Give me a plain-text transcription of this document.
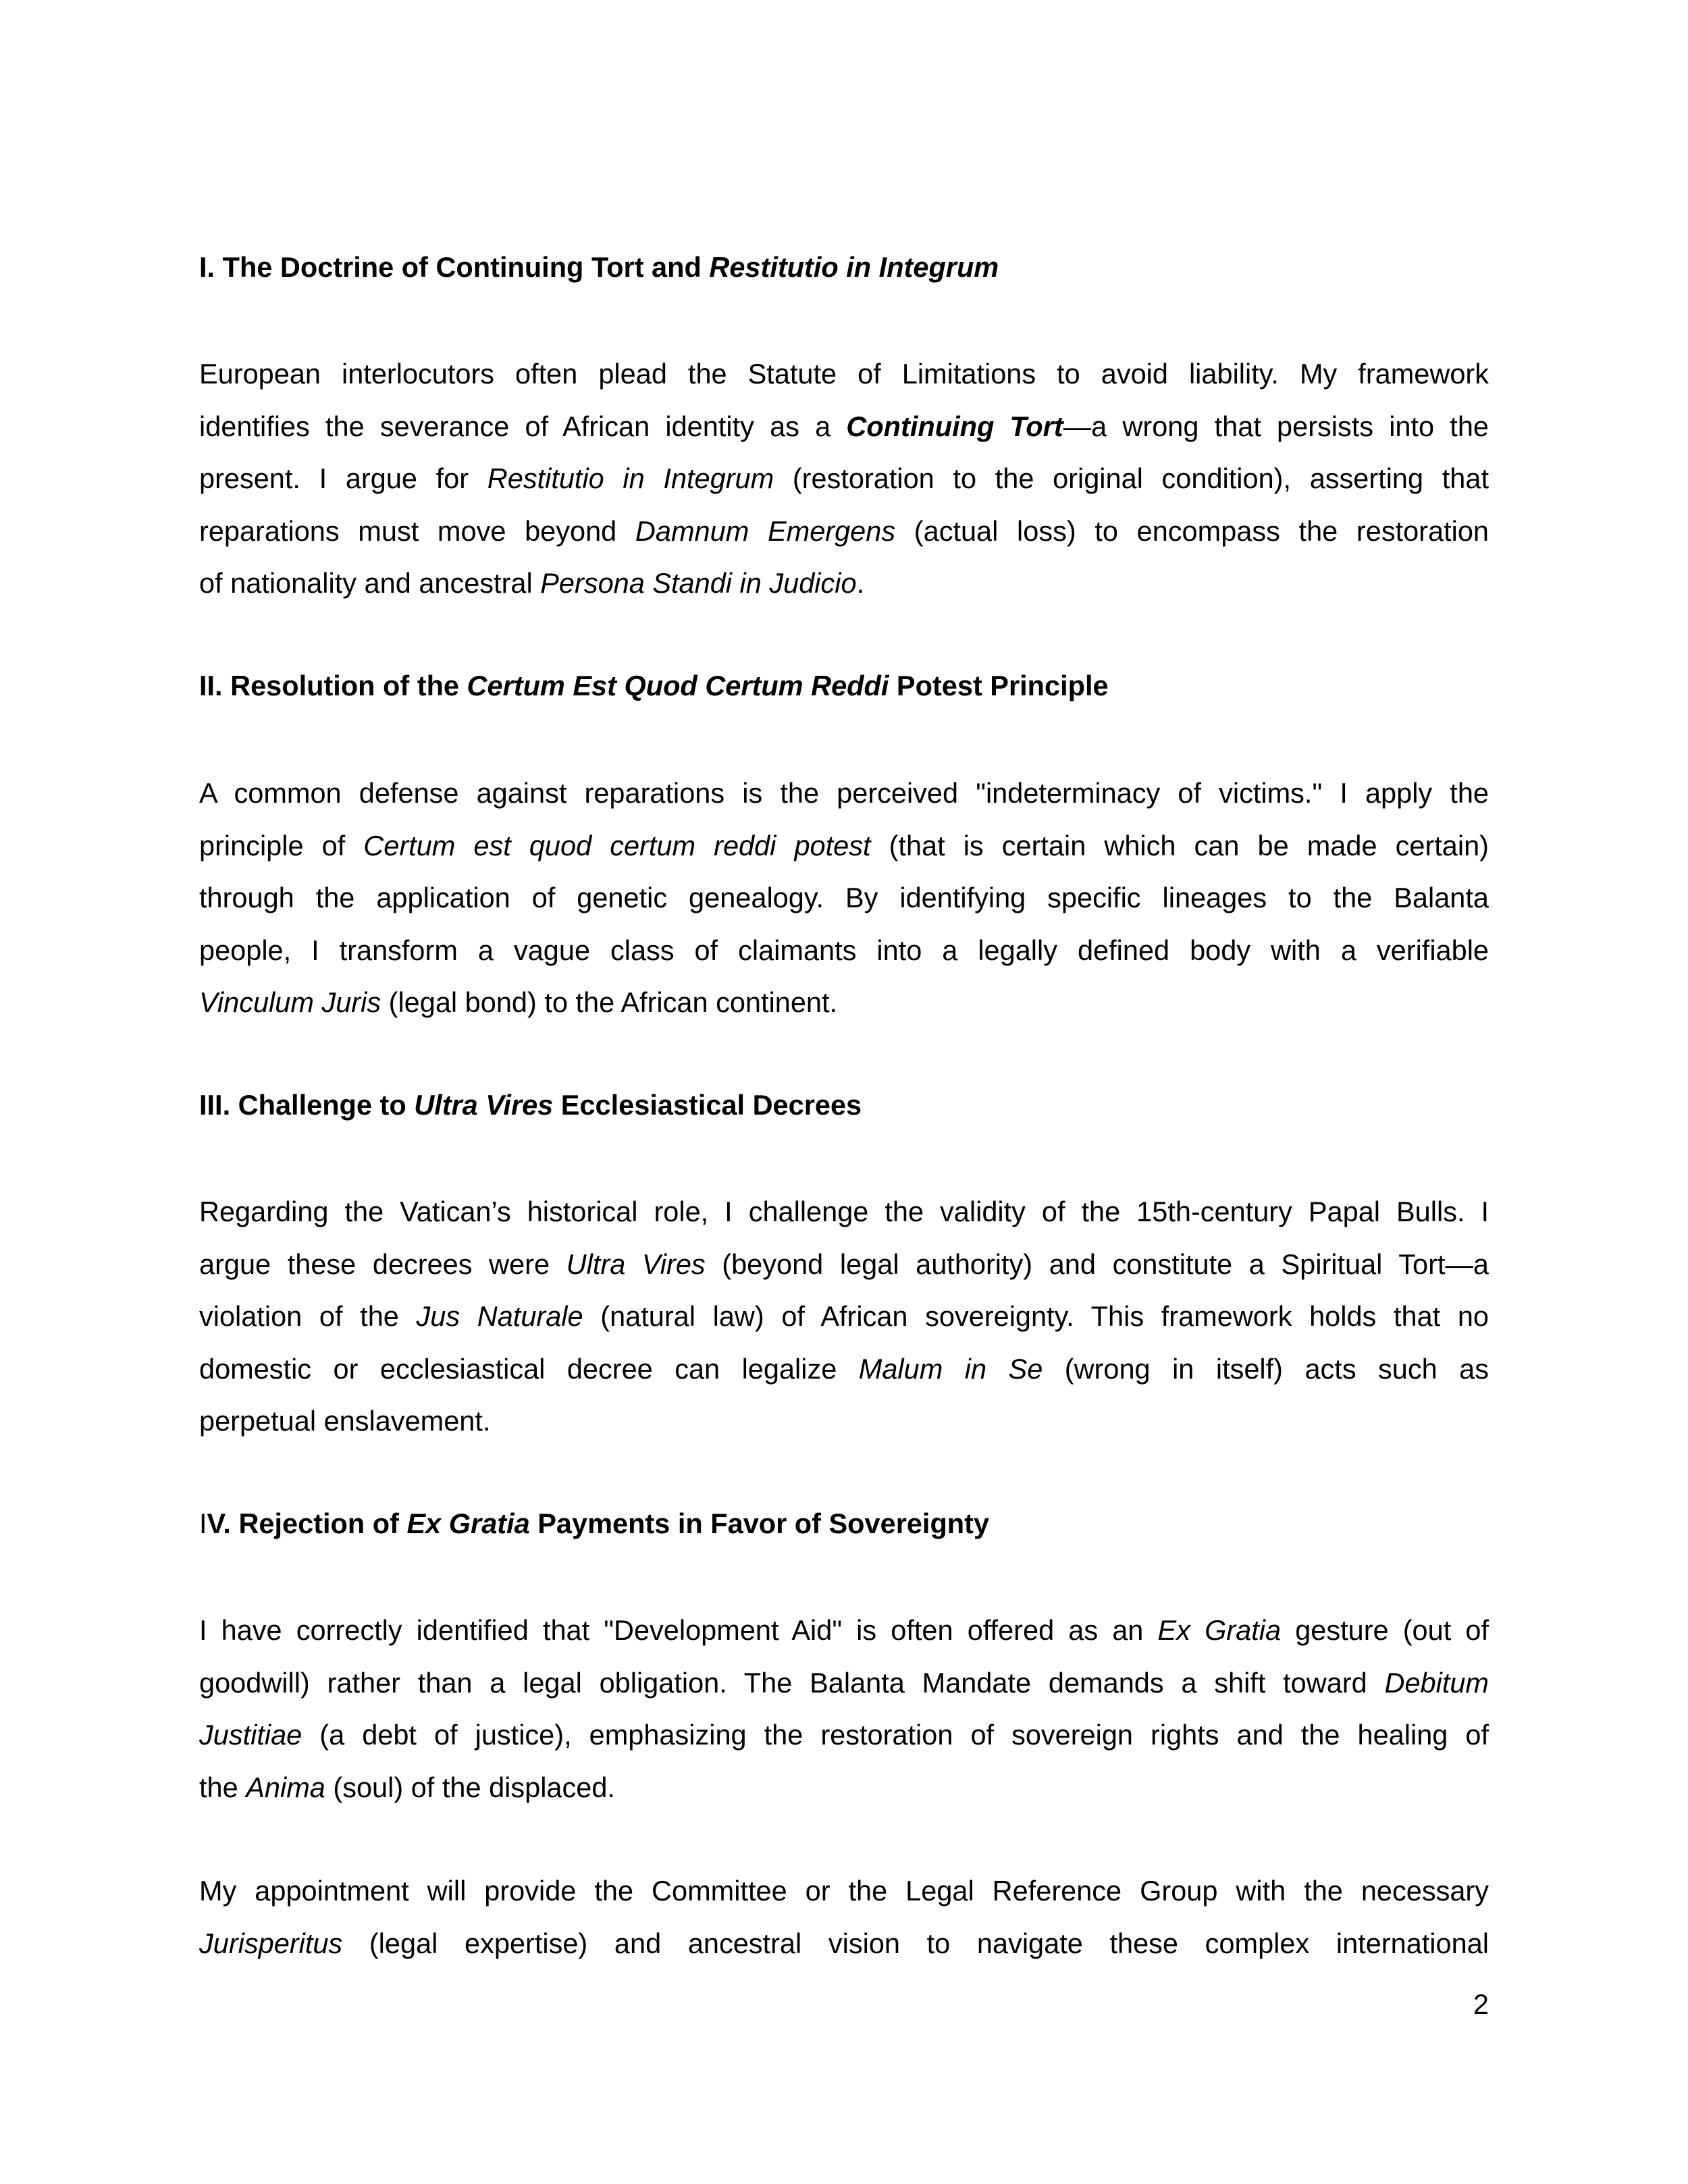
I. The Doctrine of Continuing Tort and Restitutio in Integrum
European interlocutors often plead the Statute of Limitations to avoid liability. My framework
identifies the severance of African identity as a Continuing Tort—a wrong that persists into the
present. I argue for Restitutio in Integrum (restoration to the original condition), asserting that
reparations must move beyond Damnum Emergens (actual loss) to encompass the restoration
of nationality and ancestral Persona Standi in Judicio.
II. Resolution of the Certum Est Quod Certum Reddi Potest Principle
A common defense against reparations is the perceived "indeterminacy of victims." I apply the
principle of Certum est quod certum reddi potest (that is certain which can be made certain)
through the application of genetic genealogy. By identifying specific lineages to the Balanta
people, I transform a vague class of claimants into a legally defined body with a verifiable
Vinculum Juris (legal bond) to the African continent.
III. Challenge to Ultra Vires Ecclesiastical Decrees
Regarding the Vatican’s historical role, I challenge the validity of the 15th-century Papal Bulls. I
argue these decrees were Ultra Vires (beyond legal authority) and constitute a Spiritual Tort—a
violation of the Jus Naturale (natural law) of African sovereignty. This framework holds that no
domestic or ecclesiastical decree can legalize Malum in Se (wrong in itself) acts such as
perpetual enslavement.
IV. Rejection of Ex Gratia Payments in Favor of Sovereignty
I have correctly identified that "Development Aid" is often offered as an Ex Gratia gesture (out of
goodwill) rather than a legal obligation. The Balanta Mandate demands a shift toward Debitum
Justitiae (a debt of justice), emphasizing the restoration of sovereign rights and the healing of
the Anima (soul) of the displaced.
My appointment will provide the Committee or the Legal Reference Group with the necessary
Jurisperitus (legal expertise) and ancestral vision to navigate these complex international
2
